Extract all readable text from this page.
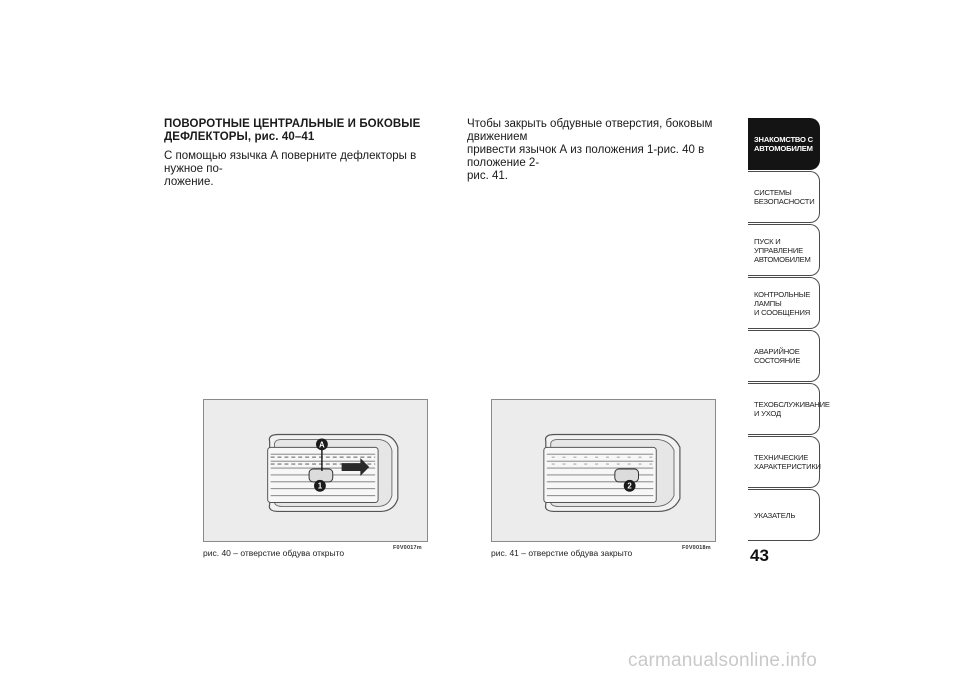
ПОВОРОТНЫЕ ЦЕНТРАЛЬНЫЕ И БОКОВЫЕ
ДЕФЛЕКТОРЫ, рис. 40–41
С помощью язычка А поверните дефлекторы в нужное по-
ложение.
Чтобы закрыть обдувные отверстия, боковым движением
привести язычок А из положения 1-рис. 40 в положение 2-
рис. 41.
A
1
рис. 40 – отверстие обдува открыто	F0V0017m
2
рис. 41 – отверстие обдува закрыто	F0V0018m
ЗНАКОМСТВО С
АВТОМОБИЛЕМ
СИСТЕМЫ
БЕЗОПАСНОСТИ
ПУСК И УПРАВЛЕНИЕ
АВТОМОБИЛЕМ
КОНТРОЛЬНЫЕ
ЛАМПЫ
И СООБЩЕНИЯ
АВАРИЙНОЕ
СОСТОЯНИЕ
ТЕХОБСЛУЖИВАНИЕ
И УХОД
ТЕХНИЧЕСКИЕ
ХАРАКТЕРИСТИКИ
УКАЗАТЕЛЬ
43
carmanualsonline.info
